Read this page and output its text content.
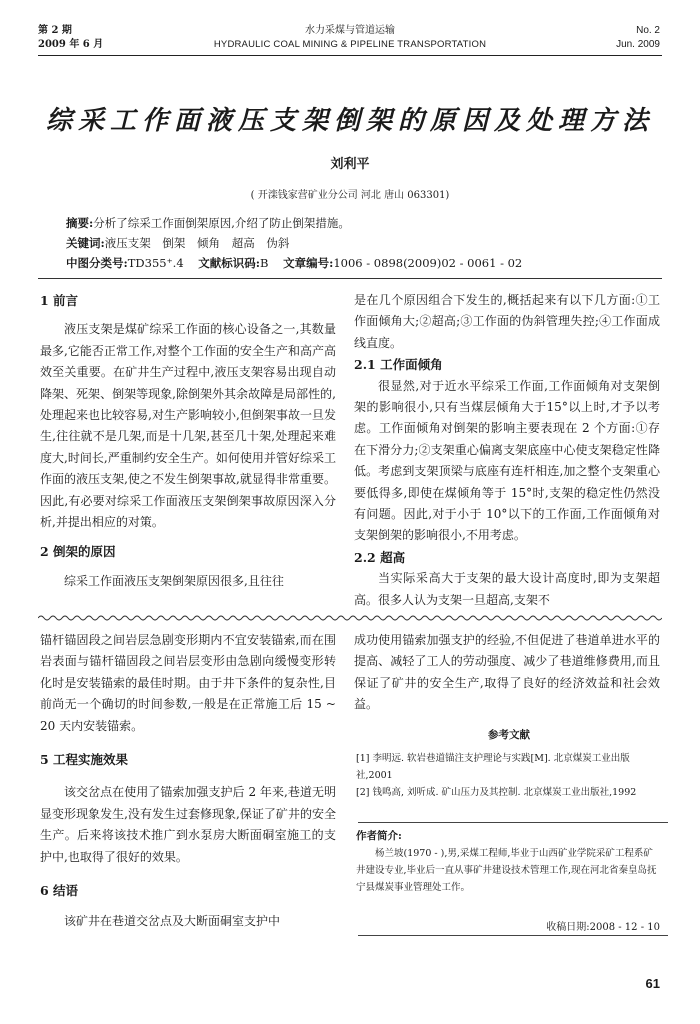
第 2 期
2009 年 6 月
水力采煤与管道运输
HYDRAULIC COAL MINING & PIPELINE TRANSPORTATION
No. 2
Jun. 2009
综采工作面液压支架倒架的原因及处理方法
刘利平
( 开滦钱家营矿业分公司 河北 唐山 063301)
摘要:分析了综采工作面倒架原因,介绍了防止倒架措施。
关键词:液压支架 倒架 倾角 超高 伪斜
中图分类号:TD355⁺.4 文献标识码:B 文章编号:1006 - 0898(2009)02 - 0061 - 02

1 前言

液压支架是煤矿综采工作面的核心设备之一,其数量最多,它能否正常工作,对整个工作面的安全生产和高产高效至关重要。在矿井生产过程中,液压支架容易出现自动降架、死架、倒架等现象,除倒架外其余故障是局部性的,处理起来也比较容易,对生产影响较小,但倒架事故一旦发生,往往就不是几架,而是十几架,甚至几十架,处理起来难度大,时间长,严重制约安全生产。如何使用并管好综采工作面的液压支架,使之不发生倒架事故,就显得非常重要。因此,有必要对综采工作面液压支架倒架事故原因深入分析,并提出相应的对策。

2 倒架的原因

综采工作面液压支架倒架原因很多,且往往

是在几个原因组合下发生的,概括起来有以下几方面:①工作面倾角大;②超高;③工作面的伪斜管理失控;④工作面成线直度。

2.1 工作面倾角

很显然,对于近水平综采工作面,工作面倾角对支架倒架的影响很小,只有当煤层倾角大于15°以上时,才予以考虑。工作面倾角对倒架的影响主要表现在 2 个方面:①存在下滑分力;②支架重心偏离支架底座中心使支架稳定性降低。考虑到支架顶梁与底座有连杆相连,加之整个支架重心要低得多,即使在煤倾角等于 15°时,支架的稳定性仍然没有问题。因此,对于小于 10°以下的工作面,工作面倾角对支架倒架的影响很小,不用考虑。

2.2 超高

当实际采高大于支架的最大设计高度时,即为支架超高。很多人认为支架一旦超高,支架不

锚杆锚固段之间岩层急剧变形期内不宜安装锚索,而在围岩表面与锚杆锚固段之间岩层变形由急剧向缓慢变形转化时是安装锚索的最佳时期。由于井下条件的复杂性,目前尚无一个确切的时间参数,一般是在正常施工后 15 ~ 20 天内安装锚索。

5 工程实施效果

该交岔点在使用了锚索加强支护后 2 年来,巷道无明显变形现象发生,没有发生过套修现象,保证了矿井的安全生产。后来将该技术推广到水泵房大断面硐室施工的支护中,也取得了很好的效果。

6 结语

该矿井在巷道交岔点及大断面硐室支护中

成功使用锚索加强支护的经验,不但促进了巷道单进水平的提高、减轻了工人的劳动强度、减少了巷道维修费用,而且保证了矿井的安全生产,取得了良好的经济效益和社会效益。

参考文献

[1] 李明远. 软岩巷道锚注支护理论与实践[M]. 北京煤炭工业出版社,2001

[2] 钱鸣高, 刘听成. 矿山压力及其控制. 北京煤炭工业出版社,1992

作者简介:
杨兰坡(1970 - ),男,采煤工程师,毕业于山西矿业学院采矿工程系矿井建设专业,毕业后一直从事矿井建设技术管理工作,现在河北省秦皇岛抚宁县煤炭事业管理处工作。
收稿日期:2008 - 12 - 10
61
